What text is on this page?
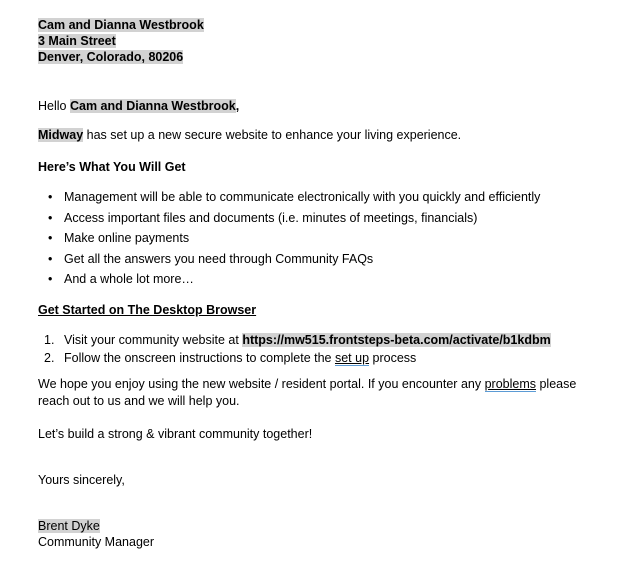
Cam and Dianna Westbrook
3 Main Street
Denver, Colorado, 80206

Hello Cam and Dianna Westbrook,

Midway has set up a new secure website to enhance your living experience.

Here’s What You Will Get
• Management will be able to communicate electronically with you quickly and efficiently
• Access important files and documents (i.e. minutes of meetings, financials)
• Make online payments
• Get all the answers you need through Community FAQs
• And a whole lot more…
Get Started on The Desktop Browser
1. Visit your community website at https://mw515.frontsteps-beta.com/activate/b1kdbm
2. Follow the onscreen instructions to complete the set up process

We hope you enjoy using the new website / resident portal. If you encounter any problems please reach out to us and we will help you.

Let’s build a strong & vibrant community together!

Yours sincerely,

Brent Dyke

Community Manager
